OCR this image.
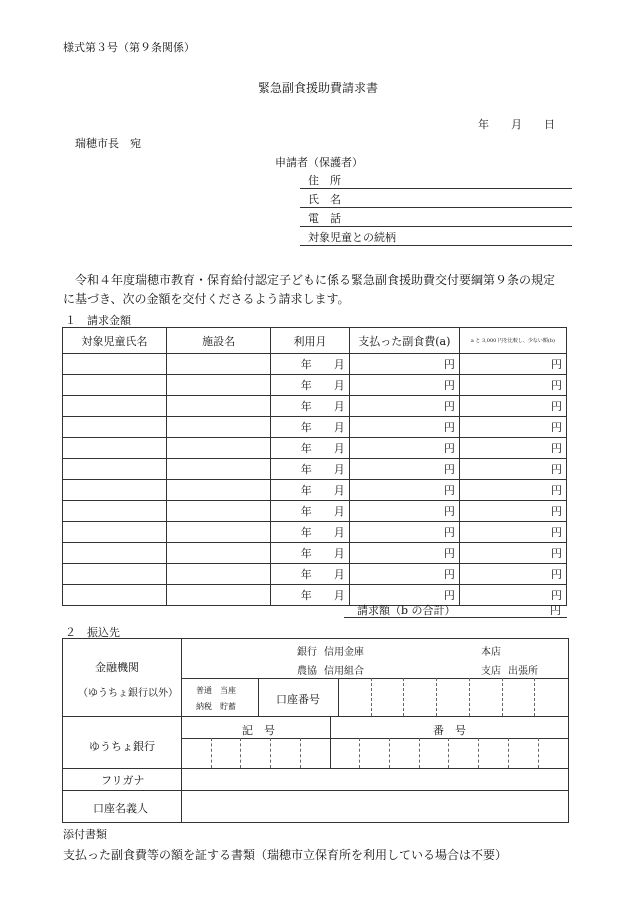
様式第３号（第９条関係）
緊急副食援助費請求書
年 月 日
瑞穂市長　宛
申請者（保護者）
住　所
氏　名
電　話
対象児童との続柄
　令和４年度瑞穂市教育・保育給付認定子どもに係る緊急副食援助費交付要綱第９条の規定
に基づき、次の金額を交付くださるよう請求します。
１　請求金額
対象児童氏名	施設名	利用月	支払った副食費(a)	a と 3,000 円を比較し、少ない額(b)
		年　　月	円	円
		年　　月	円	円
		年　　月	円	円
		年　　月	円	円
		年　　月	円	円
		年　　月	円	円
		年　　月	円	円
		年　　月	円	円
		年　　月	円	円
		年　　月	円	円
		年　　月	円	円
		年　　月	円	円
請求額（b の合計）	円
２　振込先
金融機関
（ゆうちょ銀行以外）
銀行 信用金庫
農協 信用組合
本店
支店 出張所
普通　当座
納税　貯蓄
口座番号
ゆうちょ銀行
記　号	番　号
フリガナ
口座名義人
添付書類
支払った副食費等の額を証する書類（瑞穂市立保育所を利用している場合は不要）
